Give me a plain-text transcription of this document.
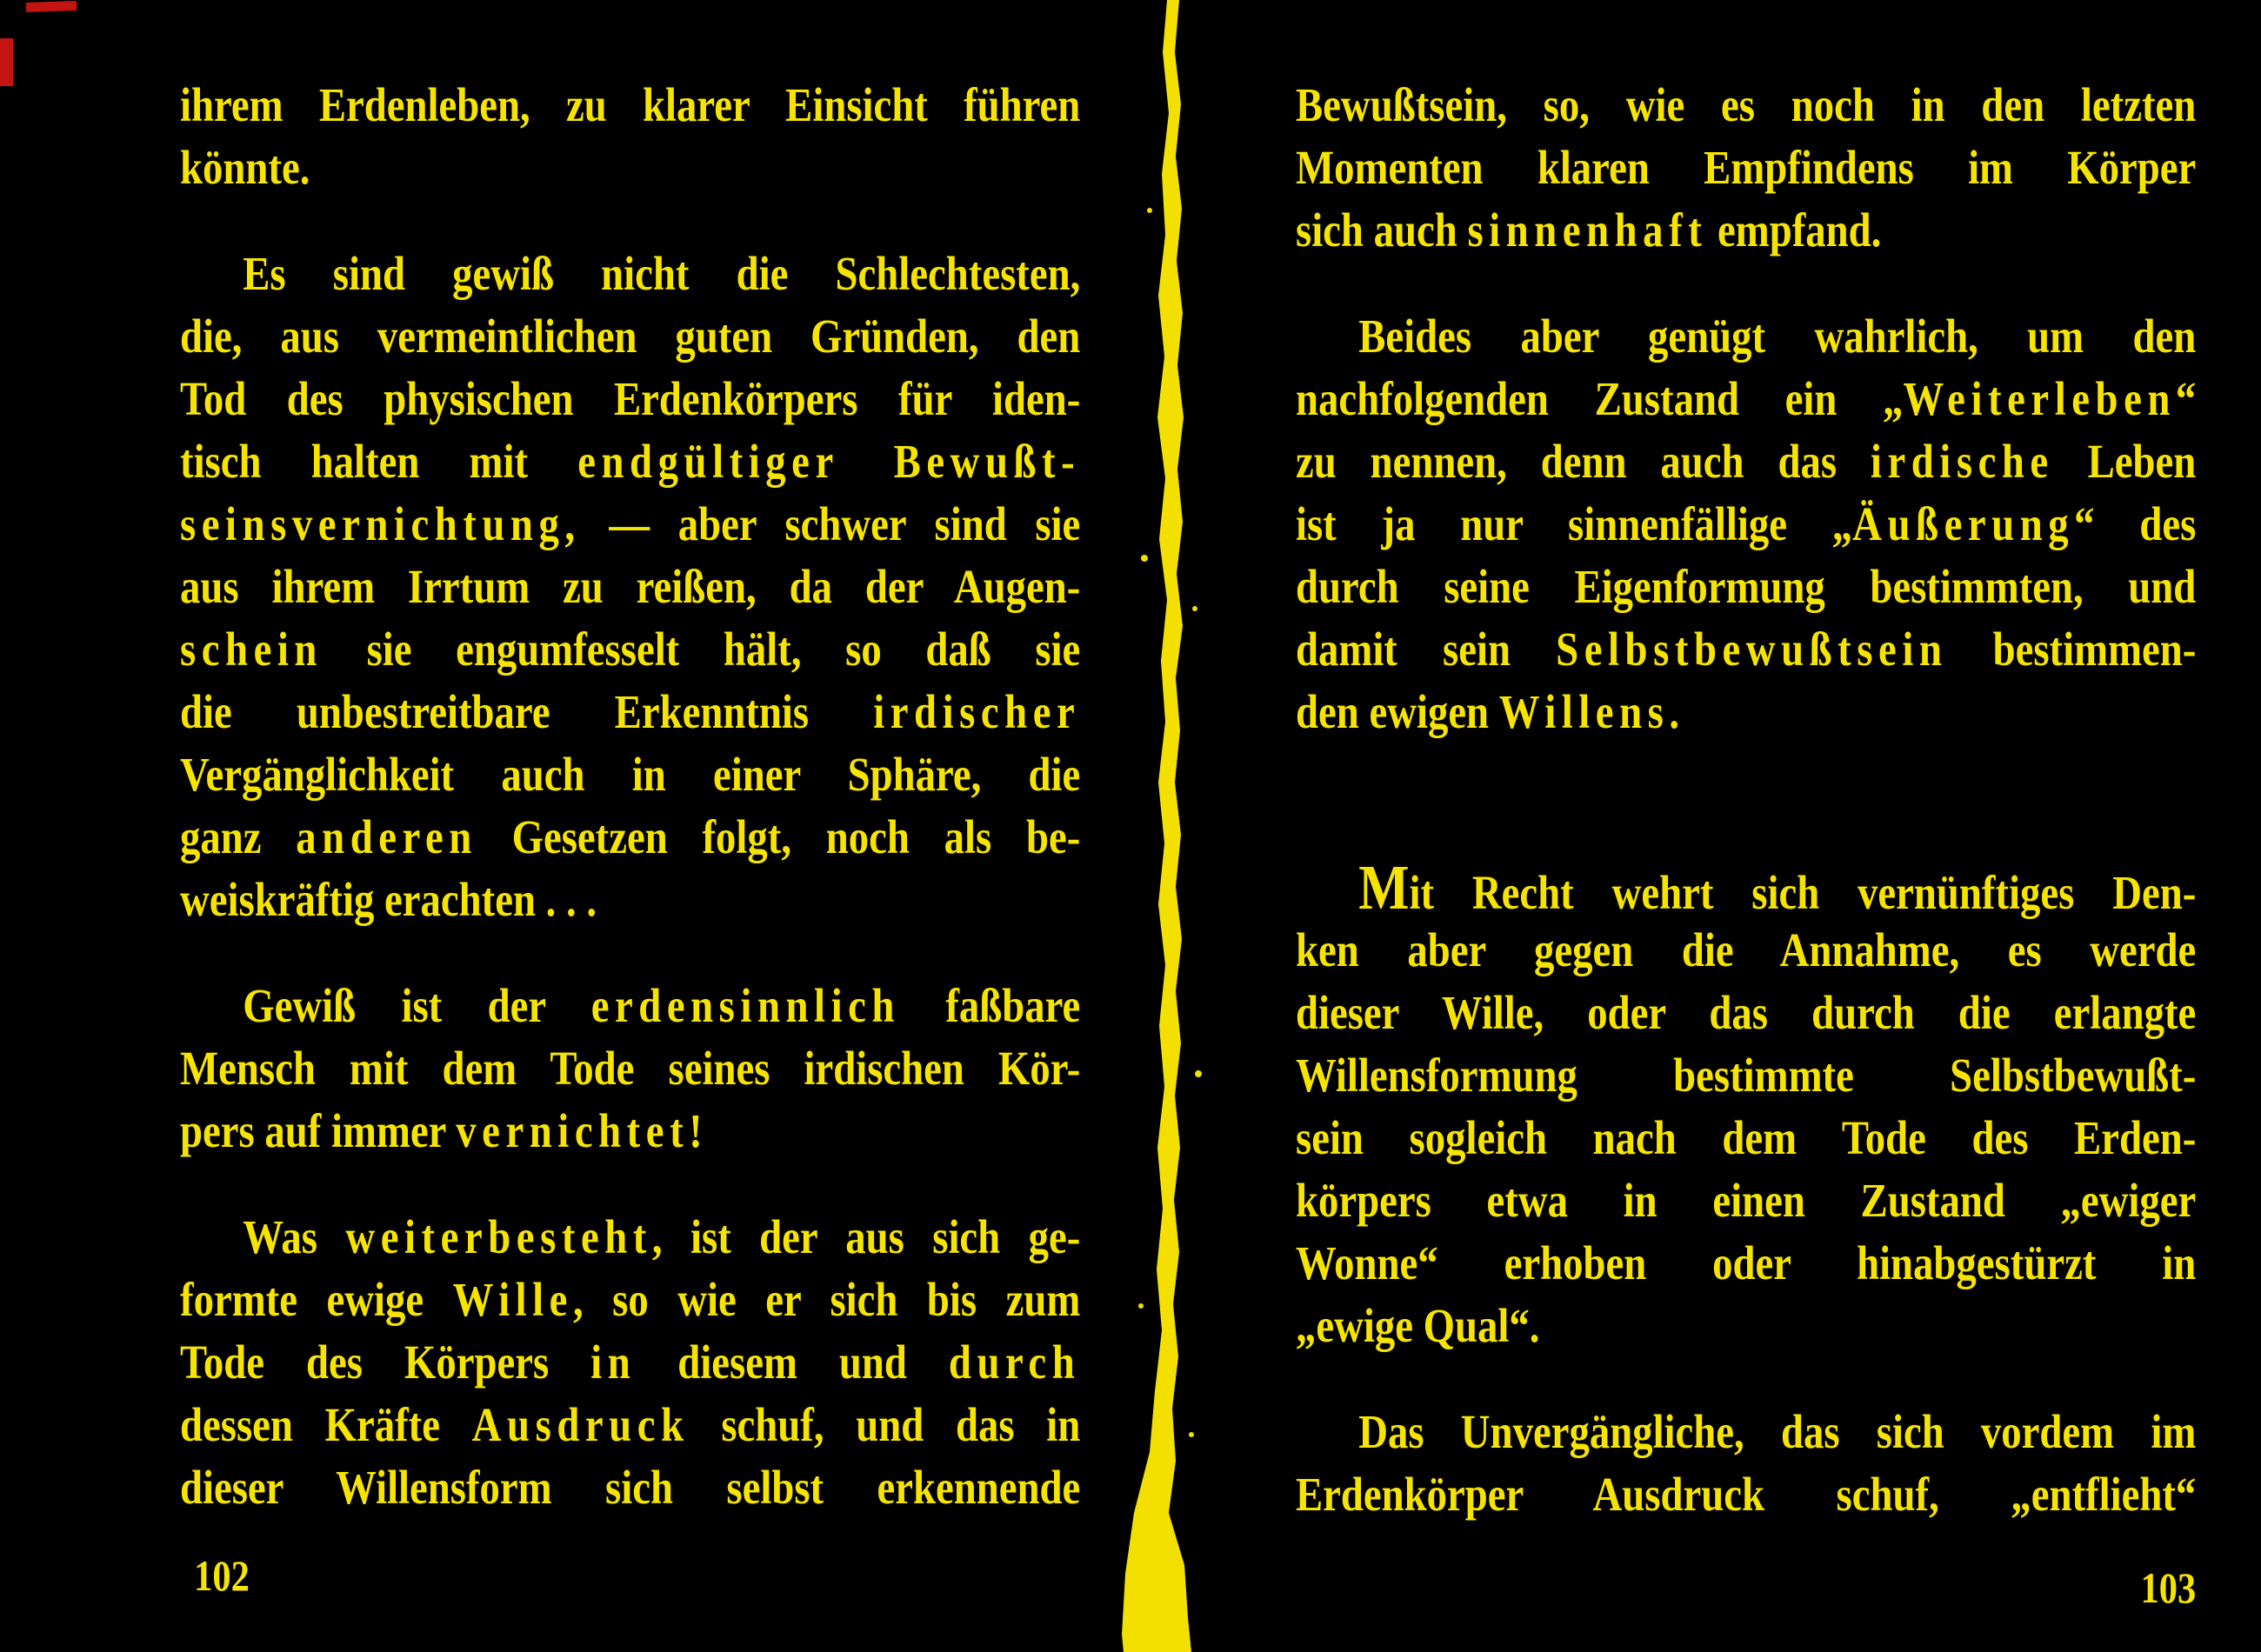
ihrem Erdenleben, zu klarer Einsicht führen
könnte.
Es sind gewiß nicht die Schlechtesten,
die, aus vermeintlichen guten Gründen, den
Tod des physischen Erdenkörpers für iden-
tisch halten mit endgültiger Bewußt-
seinsvernichtung, — aber schwer sind sie
aus ihrem Irrtum zu reißen, da der Augen-
schein sie engumfesselt hält, so daß sie
die unbestreitbare Erkenntnis irdischer
Vergänglichkeit auch in einer Sphäre, die
ganz anderen Gesetzen folgt, noch als be-
weiskräftig erachten . . .
Gewiß ist der erdensinnlich faßbare
Mensch mit dem Tode seines irdischen Kör-
pers auf immer vernichtet!
Was weiterbesteht, ist der aus sich ge-
formte ewige Wille, so wie er sich bis zum
Tode des Körpers in diesem und durch
dessen Kräfte Ausdruck schuf, und das in
dieser Willensform sich selbst erkennende
102
Bewußtsein, so, wie es noch in den letzten
Momenten klaren Empfindens im Körper
sich auch sinnenhaft empfand.
Beides aber genügt wahrlich, um den
nachfolgenden Zustand ein „Weiterleben“
zu nennen, denn auch das irdische Leben
ist ja nur sinnenfällige „Äußerung“ des
durch seine Eigenformung bestimmten, und
damit sein Selbstbewußtsein bestimmen-
den ewigen Willens.
Mit Recht wehrt sich vernünftiges Den-
ken aber gegen die Annahme, es werde
dieser Wille, oder das durch die erlangte
Willensformung bestimmte Selbstbewußt-
sein sogleich nach dem Tode des Erden-
körpers etwa in einen Zustand „ewiger
Wonne“ erhoben oder hinabgestürzt in
„ewige Qual“.
Das Unvergängliche, das sich vordem im
Erdenkörper Ausdruck schuf, „entflieht“
103
